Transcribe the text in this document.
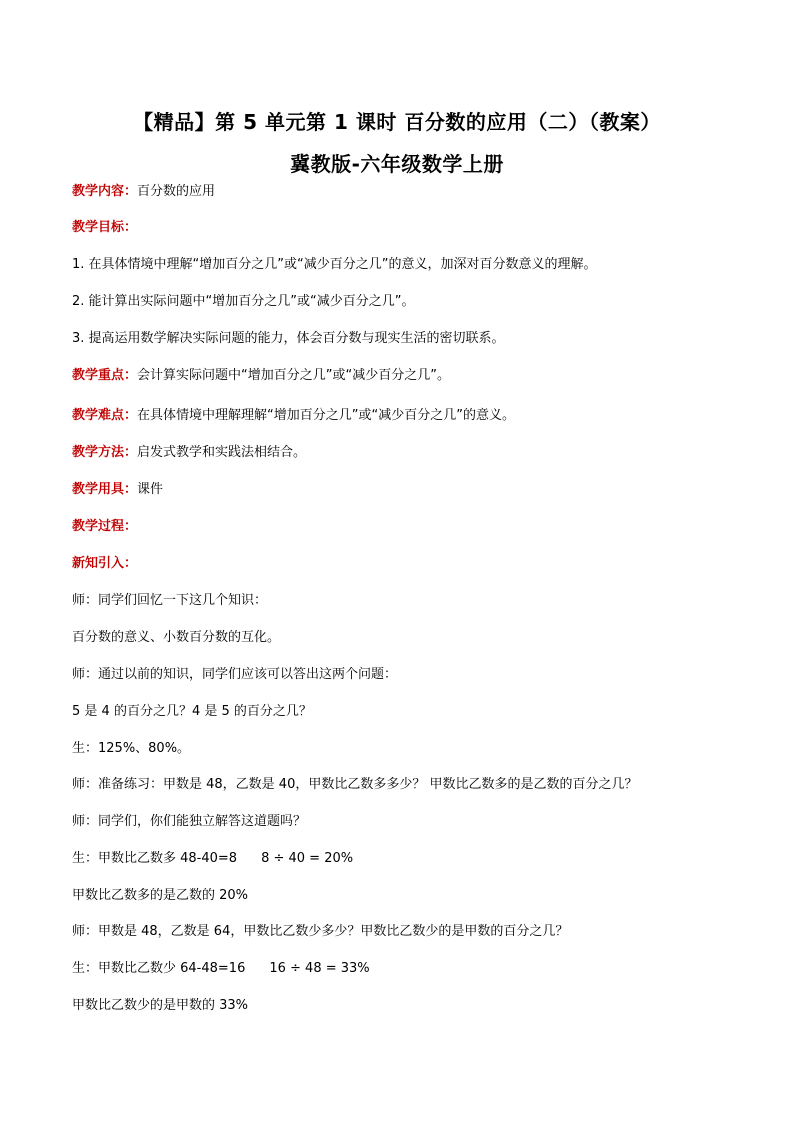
【精品】第 5 单元第 1 课时 百分数的应用（二）（教案）
冀教版-六年级数学上册
教学内容：百分数的应用
教学目标：
1. 在具体情境中理解“增加百分之几”或“减少百分之几”的意义，加深对百分数意义的理解。
2. 能计算出实际问题中“增加百分之几”或“减少百分之几”。
3. 提高运用数学解决实际问题的能力，体会百分数与现实生活的密切联系。
教学重点：会计算实际问题中“增加百分之几”或“减少百分之几”。
教学难点：在具体情境中理解理解“增加百分之几”或“减少百分之几”的意义。
教学方法：启发式教学和实践法相结合。
教学用具：课件
教学过程：
新知引入：
师：同学们回忆一下这几个知识：
百分数的意义、小数百分数的互化。
师：通过以前的知识，同学们应该可以答出这两个问题：
5 是 4 的百分之几？4 是 5 的百分之几？
生：125%、80%。
师：准备练习：甲数是 48，乙数是 40，甲数比乙数多多少？ 甲数比乙数多的是乙数的百分之几？
师：同学们，你们能独立解答这道题吗？
生：甲数比乙数多 48-40=8 8 ÷ 40 = 20%
甲数比乙数多的是乙数的 20%
师：甲数是 48，乙数是 64，甲数比乙数少多少？甲数比乙数少的是甲数的百分之几？
生：甲数比乙数少 64-48=16 16 ÷ 48 = 33%
甲数比乙数少的是甲数的 33%
